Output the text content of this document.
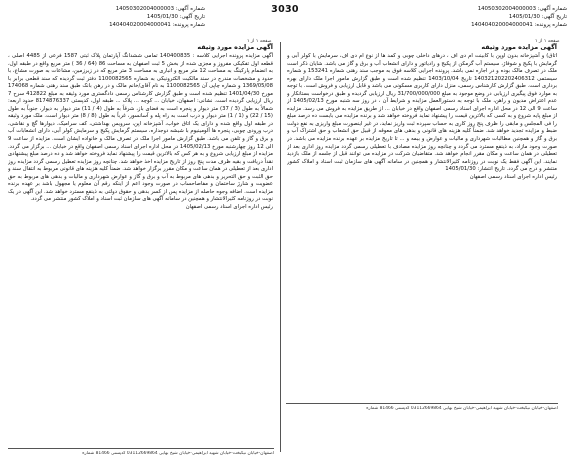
3030
شماره آگهی: 14050302004000003
تاریخ آگهی: 1405/01/30
شماره پرونده: 140404020004000041
شماره آگهی: 14050302004000003
تاریخ آگهی: 1405/01/30
شماره پرونده: 140404020004000041
صفحه ۱ از ۱	صفحه ۱ از ۱
آگهی مزایده مورد وثیقه
آگهی مزایده پرونده اجرایی کلاسه : 140400835 تمامی ششدانگ آپارتمان پلاک ثبتی 1587 فرعی از 4485 اصلی ، قطعه اول تفکیکی مفروز و مجزی شده از بخش 5 ثبت اصفهان به مساحت 86 (64 / 36 ) متر مربع واقع در طبقه اول، به انضمام پارکینگ به مساحت 12 متر مربع و انباری به مساحت 3 متر مربع که در زیرزمین، مشاعات به صورت مشاع، با حدود و مشخصات مندرج در سند مالکیت الکترونیکی به شماره 1100082565 دفتر ثبت گردیده که سند قطعی برابر با 1369/05/08 و شماره چاپی آن 1100082565 به نام آقای/خانم مالک و در رهن بانک طبق سند رهنی شماره 174068 مورخ 1401/04/30 تنظیم شده است و طبق گزارش کارشناس رسمی دادگستری مورد وثیقه به مبلغ 412822 سرح 7 ریال ارزیابی گردیده است. نشانی: اصفهان، خیابان ... کوچه ... پلاک ... طبقه اول، کدپستی 8174876337 حدود اربعه: شمالاً به طول (3 / 37) متر دیوار و پنجره است به فضای باز، شرقاً به طول (4 / 11) متر دیوار به دیوار، جنوباً به طول (15 / 22) و (1 / 1) متر دیوار و درب است به راه پله و آسانسور، غرباً به طول (8 / 8) متر دیوار است. ملک مورد وثیقه در طبقه اول واقع شده و دارای یک اتاق خواب، آشپزخانه اپن، سرویس بهداشتی، کف سرامیک، دیوارها گچ و نقاشی، درب ورودی چوبی، پنجره ها آلومینیوم با شیشه دوجداره، سیستم گرمایش پکیج و سرمایش کولر آبی، دارای انشعابات آب و برق و گاز و تلفن می باشد. طبق گزارش مامور اجرا ملک در تصرف مالک و خانواده ایشان است. مزایده از ساعت 9 الی 12 روز چهارشنبه مورخ 1405/02/13 در محل اداره اجرای اسناد رسمی اصفهان واقع در خیابان ... برگزار می گردد. مزایده از مبلغ ارزیابی شروع و به هر کس که بالاترین قیمت را پیشنهاد نماید فروخته خواهد شد و ده درصد مبلغ پیشنهادی نقداً دریافت و بقیه ظرف مدت پنج روز از تاریخ مزایده اخذ خواهد شد. چنانچه روز مزایده تعطیل رسمی گردد مزایده روز اداری بعد از تعطیلی در همان ساعت و مکان مقرر برگزار خواهد شد. ضمناً کلیه هزینه های قانونی مربوط به انتقال سند و حق الثبت و حق التحریر و بدهی های مربوط به آب و برق و گاز و عوارض شهرداری و مالیات و بدهی های مربوط به حق عضویت و شارژ ساختمان و مفاصاحساب در صورت وجود اعم از اینکه رقم آن معلوم یا مجهول باشد بر عهده برنده مزایده است. اضافه وجوه حاصله از مزایده پس از کسر بدهی و حقوق دولتی به ذینفع مسترد خواهد شد. این آگهی در یک نوبت در روزنامه کثیرالانتشار و همچنین در سامانه آگهی های سازمان ثبت اسناد و املاک کشور منتشر می گردد.
رئیس اداره اجرای اسناد رسمی اصفهان
آگهی مزایده مورد وثیقه
اتاق) و آشپزخانه بدون اوپن با کابینت ام دی اف ، درهای داخلی چوبی و کمد ها از نوع ام دی اف، سرمایش با کولر آبی و گرمایش با پکیج و شوفاژ، سیستم آب گرمکن از پکیج و رادیاتور و دارای انشعاب آب و برق و گاز می باشد. شایان ذکر است ملک در تصرف مالک بوده و در اجاره نمی باشد. پرونده اجرایی کلاسه فوق به موجب سند رهنی شماره 153241 و شماره سیستمی 140321202202406312 تاریخ 1403/10/04 تنظیم شده است و طبق گزارش مامور اجرا ملک دارای بهره برداری است. طبق گزارش کارشناس رسمی، منزل دارای کاربری مسکونی می باشد و قابل ارزیابی و فروش است. با توجه به موارد فوق پیگیری ارزیابی در وضع موجود به مبلغ 31/700/000/000 ریال ارزیابی گردیده و طبق درخواست بستانکار و عدم اعتراض مدیون و راهن، ملک با توجه به دستورالعمل مزایده و شرایط آن ، در روز سه شنبه مورخ 1405/02/13 از ساعت 9 الی 12 در محل اداره اجرای اسناد رسمی اصفهان واقع در خیابان ... از طریق مزایده به فروش می رسد. مزایده از مبلغ پایه شروع و به کسی که بالاترین قیمت را پیشنهاد نماید فروخته خواهد شد و برنده مزایده می بایست ده درصد مبلغ را فی المجلس و مابقی را ظرف پنج روز کاری به حساب سپرده ثبت واریز نماید، در غیر اینصورت مبلغ واریزی به نفع دولت ضبط و مزایده تجدید خواهد شد. ضمناً کلیه هزینه های قانونی و بدهی های معوقه از قبیل حق انشعاب و حق اشتراک آب و برق و گاز و همچنین مطالبات شهرداری و مالیات و عوارض و بیمه و ... تا تاریخ مزایده بر عهده برنده مزایده می باشد. در صورت وجود مازاد، به ذینفع مسترد می گردد و چنانچه روز مزایده مصادف با تعطیلی رسمی گردد مزایده روز اداری بعد از تعطیلی در همان ساعت و مکان مقرر انجام خواهد شد. متقاضیان شرکت در مزایده می توانند قبل از جلسه از ملک بازدید نمایند. این آگهی فقط یک نوبت در روزنامه کثیرالانتشار و همچنین در سامانه آگهی های سازمان ثبت اسناد و املاک کشور منتشر و درج می گردد. تاریخ انتشار: 1405/01/30
رئیس اداره اجرای اسناد رسمی اصفهان
اصفهان-خیابان نیکبخت-خیابان شهید ابراهیمی-خیابان شیخ بهایی 03112669864 کدپستی 81466 شماره
اصفهان-خیابان نیکبخت-خیابان شهید ابراهیمی-خیابان شیخ بهایی 03112669864 کدپستی 81466 شماره
